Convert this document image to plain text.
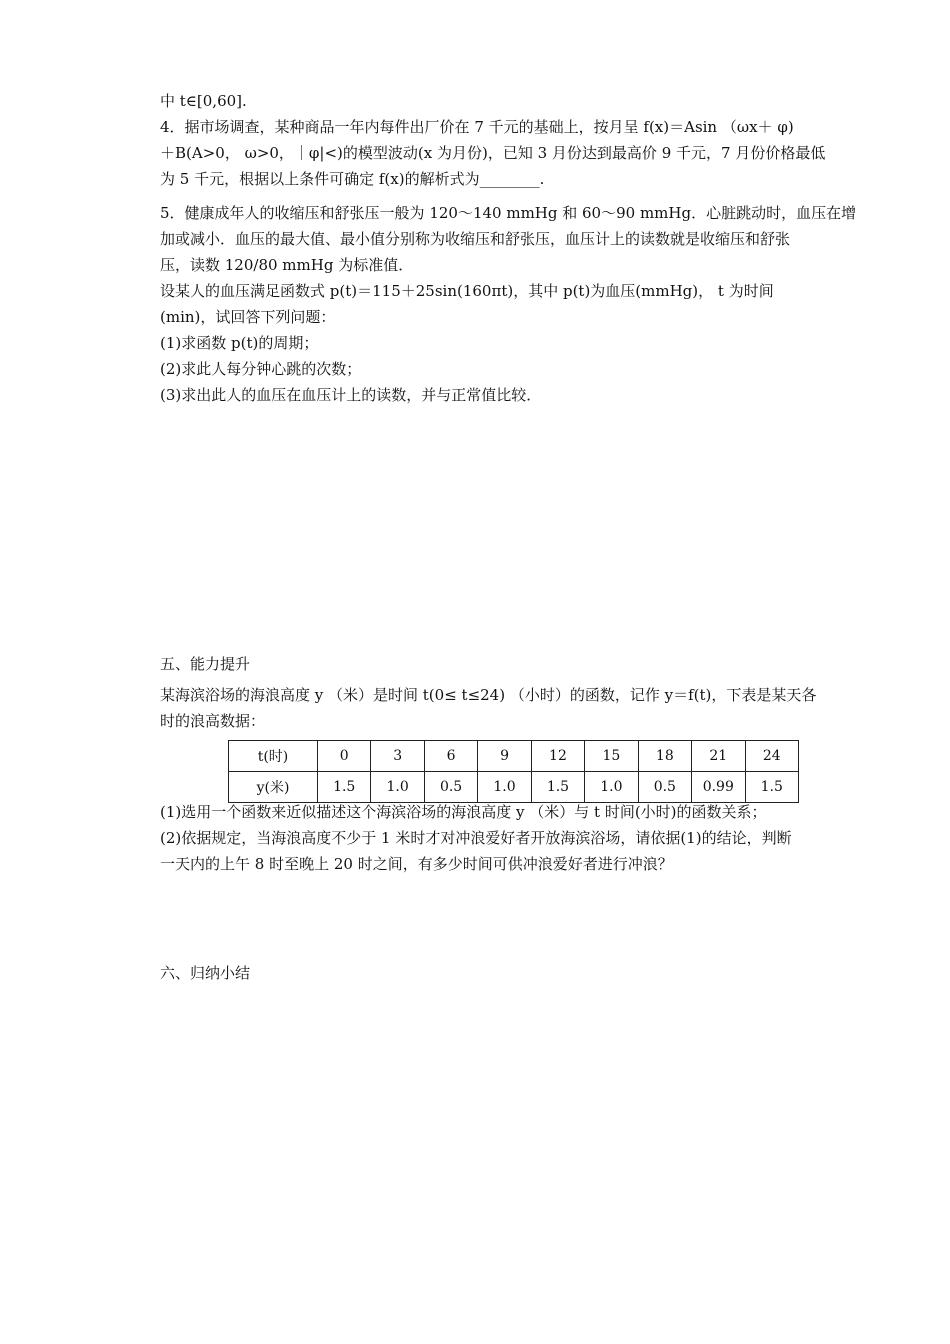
中 t∈[0,60].
4．据市场调查，某种商品一年内每件出厂价在 7 千元的基础上，按月呈 f(x)＝Asin （ωx＋ φ)
＋B(A>0， ω>0，｜φ|<)的模型波动(x 为月份)，已知 3 月份达到最高价 9 千元，7 月份价格最低
为 5 千元，根据以上条件可确定 f(x)的解析式为________.
5．健康成年人的收缩压和舒张压一般为 120～140 mmHg 和 60～90 mmHg．心脏跳动时，血压在增
加或减小．血压的最大值、最小值分别称为收缩压和舒张压，血压计上的读数就是收缩压和舒张
压，读数 120/80 mmHg 为标准值．
设某人的血压满足函数式 p(t)＝115＋25sin(160πt)，其中 p(t)为血压(mmHg)， t 为时间
(min)，试回答下列问题：
(1)求函数 p(t)的周期；
(2)求此人每分钟心跳的次数；
(3)求出此人的血压在血压计上的读数，并与正常值比较．
五、能力提升
某海滨浴场的海浪高度 y （米）是时间 t(0≤ t≤24) （小时）的函数，记作 y＝f(t)，下表是某天各
时的浪高数据：
t(时)	0	3	6	9	12	15	18	21	24
y(米)	1.5	1.0	0.5	1.0	1.5	1.0	0.5	0.99	1.5
(1)选用一个函数来近似描述这个海滨浴场的海浪高度 y （米）与 t 时间(小时)的函数关系；
(2)依据规定，当海浪高度不少于 1 米时才对冲浪爱好者开放海滨浴场，请依据(1)的结论，判断
一天内的上午 8 时至晚上 20 时之间，有多少时间可供冲浪爱好者进行冲浪？
六、归纳小结
